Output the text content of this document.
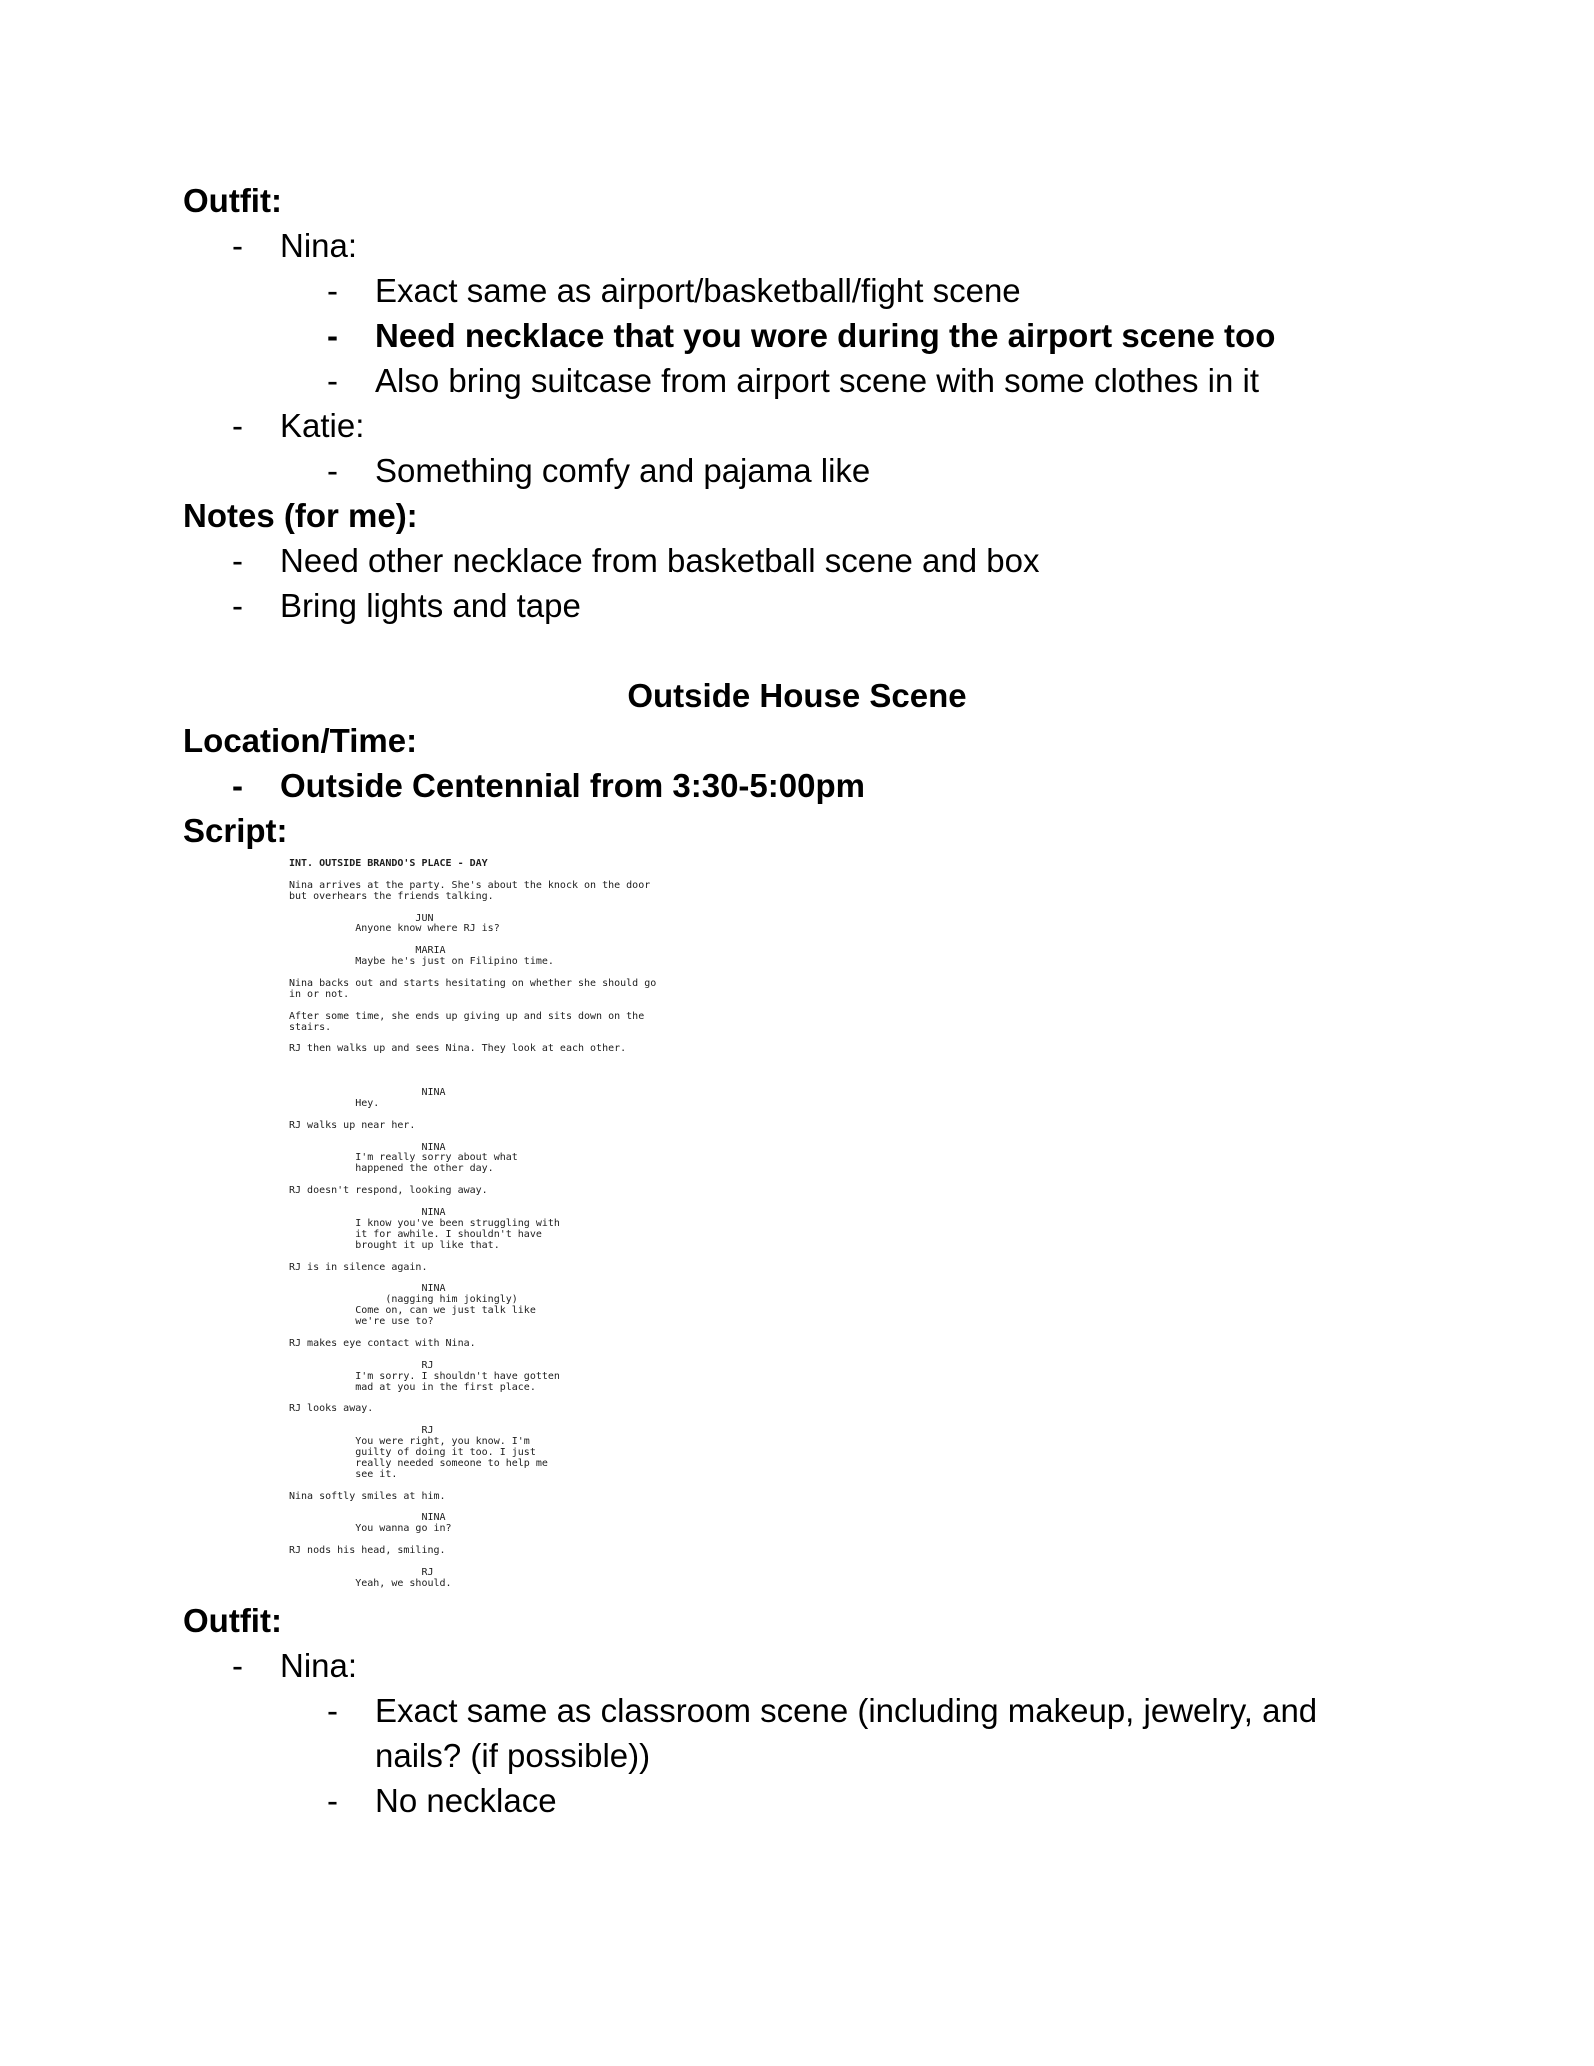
Outfit:
-	Nina:
-	Exact same as airport/basketball/fight scene
-	Need necklace that you wore during the airport scene too
-	Also bring suitcase from airport scene with some clothes in it
-	Katie:
-	Something comfy and pajama like
Notes (for me):
-	Need other necklace from basketball scene and box
-	Bring lights and tape
Outside House Scene
Location/Time:
-	Outside Centennial from 3:30-5:00pm
Script:
INT. OUTSIDE BRANDO'S PLACE - DAY

Nina arrives at the party. She's about the knock on the door
but overhears the friends talking.

JUN
Anyone know where RJ is?

MARIA
Maybe he's just on Filipino time.

Nina backs out and starts hesitating on whether she should go
in or not.

After some time, she ends up giving up and sits down on the
stairs.

RJ then walks up and sees Nina. They look at each other.

NINA
Hey.

RJ walks up near her.

NINA
I'm really sorry about what
happened the other day.

RJ doesn't respond, looking away.

NINA
I know you've been struggling with
it for awhile. I shouldn't have
brought it up like that.

RJ is in silence again.

NINA
(nagging him jokingly)
Come on, can we just talk like
we're use to?

RJ makes eye contact with Nina.

RJ
I'm sorry. I shouldn't have gotten
mad at you in the first place.

RJ looks away.

RJ
You were right, you know. I'm
guilty of doing it too. I just
really needed someone to help me
see it.

Nina softly smiles at him.

NINA
You wanna go in?

RJ nods his head, smiling.

RJ
Yeah, we should.
Outfit:
-	Nina:
-	Exact same as classroom scene (including makeup, jewelry, and nails? (if possible))
-	No necklace
